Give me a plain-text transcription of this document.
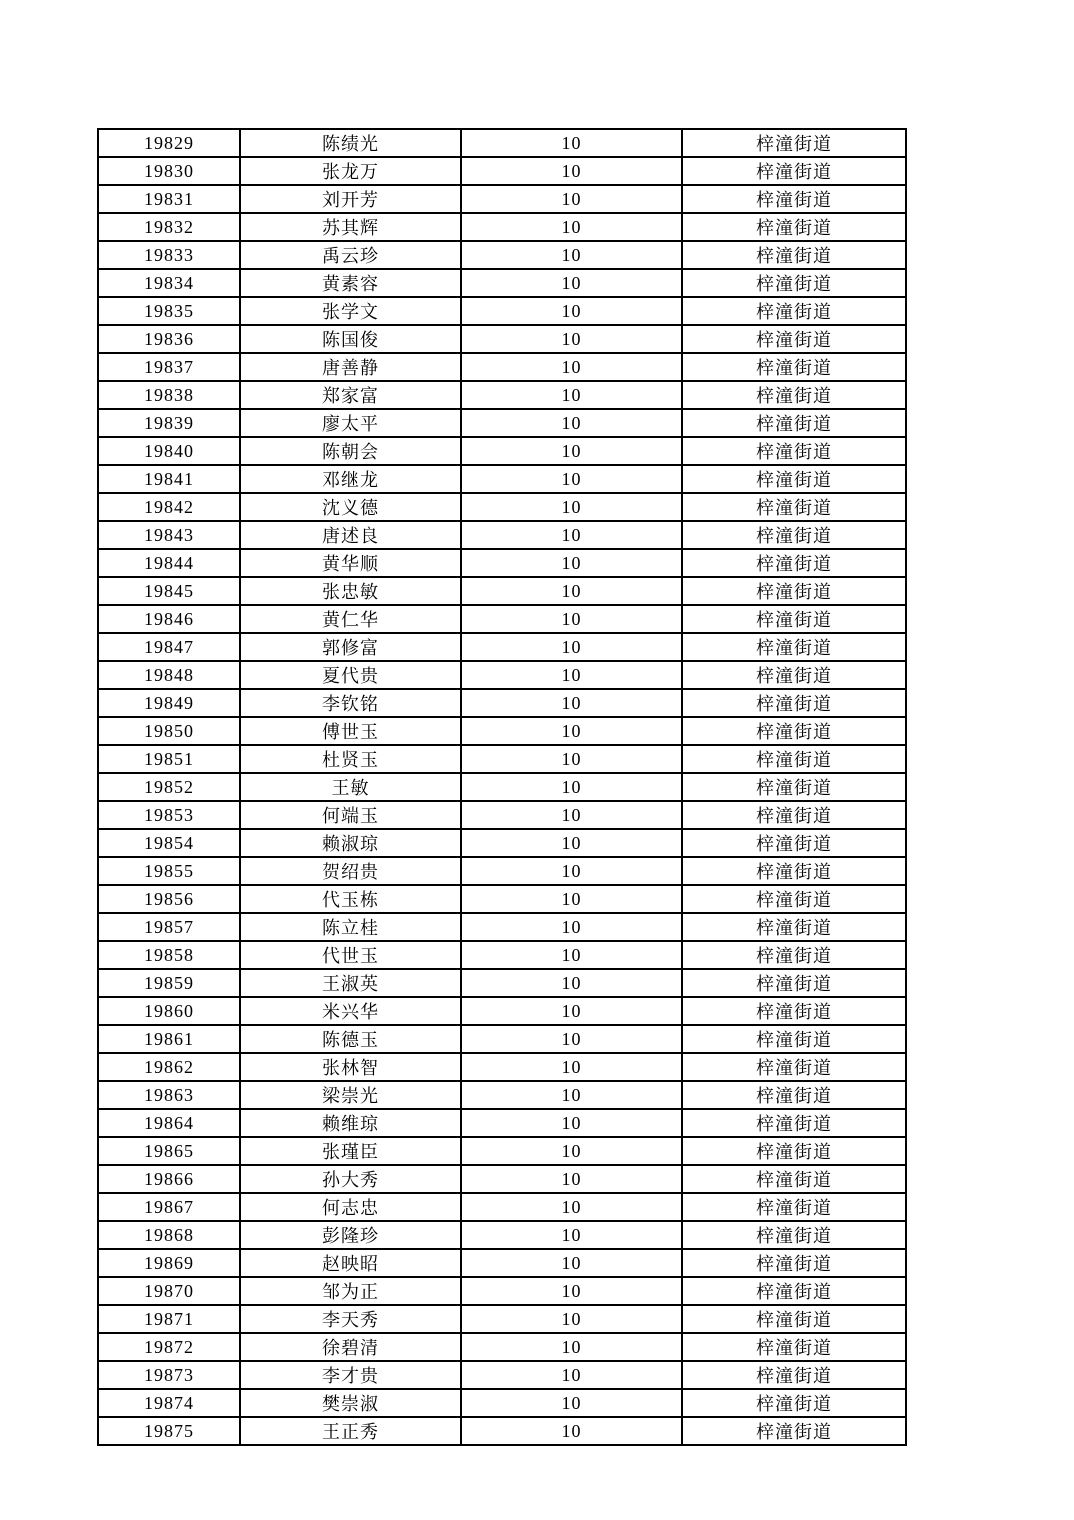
19829	陈绩光	10	梓潼街道
19830	张龙万	10	梓潼街道
19831	刘开芳	10	梓潼街道
19832	苏其辉	10	梓潼街道
19833	禹云珍	10	梓潼街道
19834	黄素容	10	梓潼街道
19835	张学文	10	梓潼街道
19836	陈国俊	10	梓潼街道
19837	唐善静	10	梓潼街道
19838	郑家富	10	梓潼街道
19839	廖太平	10	梓潼街道
19840	陈朝会	10	梓潼街道
19841	邓继龙	10	梓潼街道
19842	沈义德	10	梓潼街道
19843	唐述良	10	梓潼街道
19844	黄华顺	10	梓潼街道
19845	张忠敏	10	梓潼街道
19846	黄仁华	10	梓潼街道
19847	郭修富	10	梓潼街道
19848	夏代贵	10	梓潼街道
19849	李钦铭	10	梓潼街道
19850	傅世玉	10	梓潼街道
19851	杜贤玉	10	梓潼街道
19852	王敏	10	梓潼街道
19853	何端玉	10	梓潼街道
19854	赖淑琼	10	梓潼街道
19855	贺绍贵	10	梓潼街道
19856	代玉栋	10	梓潼街道
19857	陈立桂	10	梓潼街道
19858	代世玉	10	梓潼街道
19859	王淑英	10	梓潼街道
19860	米兴华	10	梓潼街道
19861	陈德玉	10	梓潼街道
19862	张林智	10	梓潼街道
19863	梁崇光	10	梓潼街道
19864	赖维琼	10	梓潼街道
19865	张瑾臣	10	梓潼街道
19866	孙大秀	10	梓潼街道
19867	何志忠	10	梓潼街道
19868	彭隆珍	10	梓潼街道
19869	赵映昭	10	梓潼街道
19870	邹为正	10	梓潼街道
19871	李天秀	10	梓潼街道
19872	徐碧清	10	梓潼街道
19873	李才贵	10	梓潼街道
19874	樊崇淑	10	梓潼街道
19875	王正秀	10	梓潼街道
